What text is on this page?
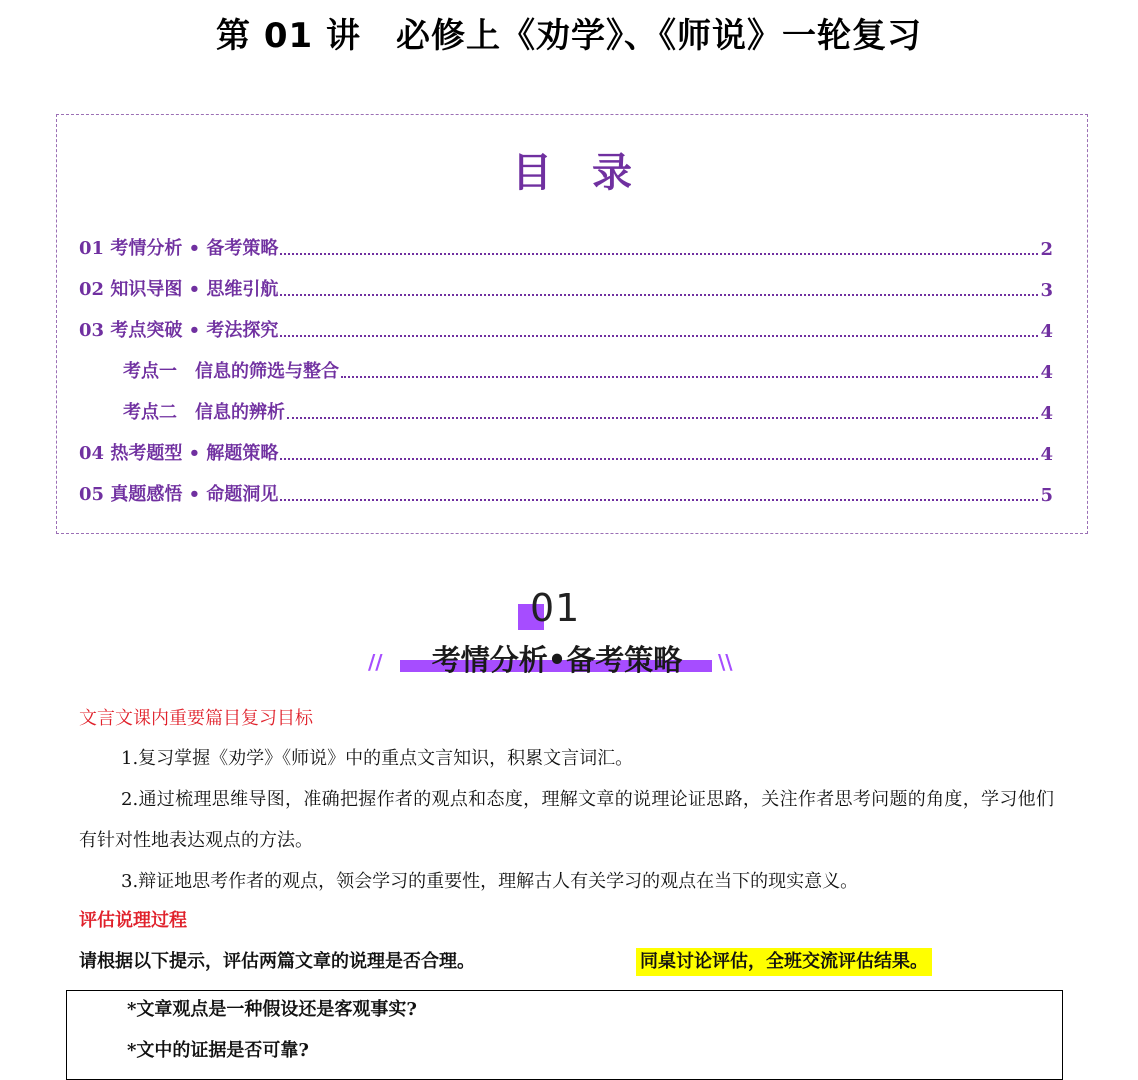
第 01 讲　必修上《劝学》、《师说》一轮复习
目录
01 考情分析 • 备考策略	2
02 知识导图 • 思维引航	3
03 考点突破 • 考法探究	4
考点一　信息的筛选与整合	4
考点二　信息的辨析	4
04 热考题型 • 解题策略	4
05 真题感悟 • 命题洞见	5
01
//	考情分析•备考策略	\\
文言文课内重要篇目复习目标
1.复习掌握《劝学》《师说》中的重点文言知识，积累文言词汇。
2.通过梳理思维导图，准确把握作者的观点和态度，理解文章的说理论证思路，关注作者思考问题的角度，学习他们有针对性地表达观点的方法。
3.辩证地思考作者的观点，领会学习的重要性，理解古人有关学习的观点在当下的现实意义。
评估说理过程
请根据以下提示，评估两篇文章的说理是否合理。	同桌讨论评估，全班交流评估结果。
*文章观点是一种假设还是客观事实?
*文中的证据是否可靠?
